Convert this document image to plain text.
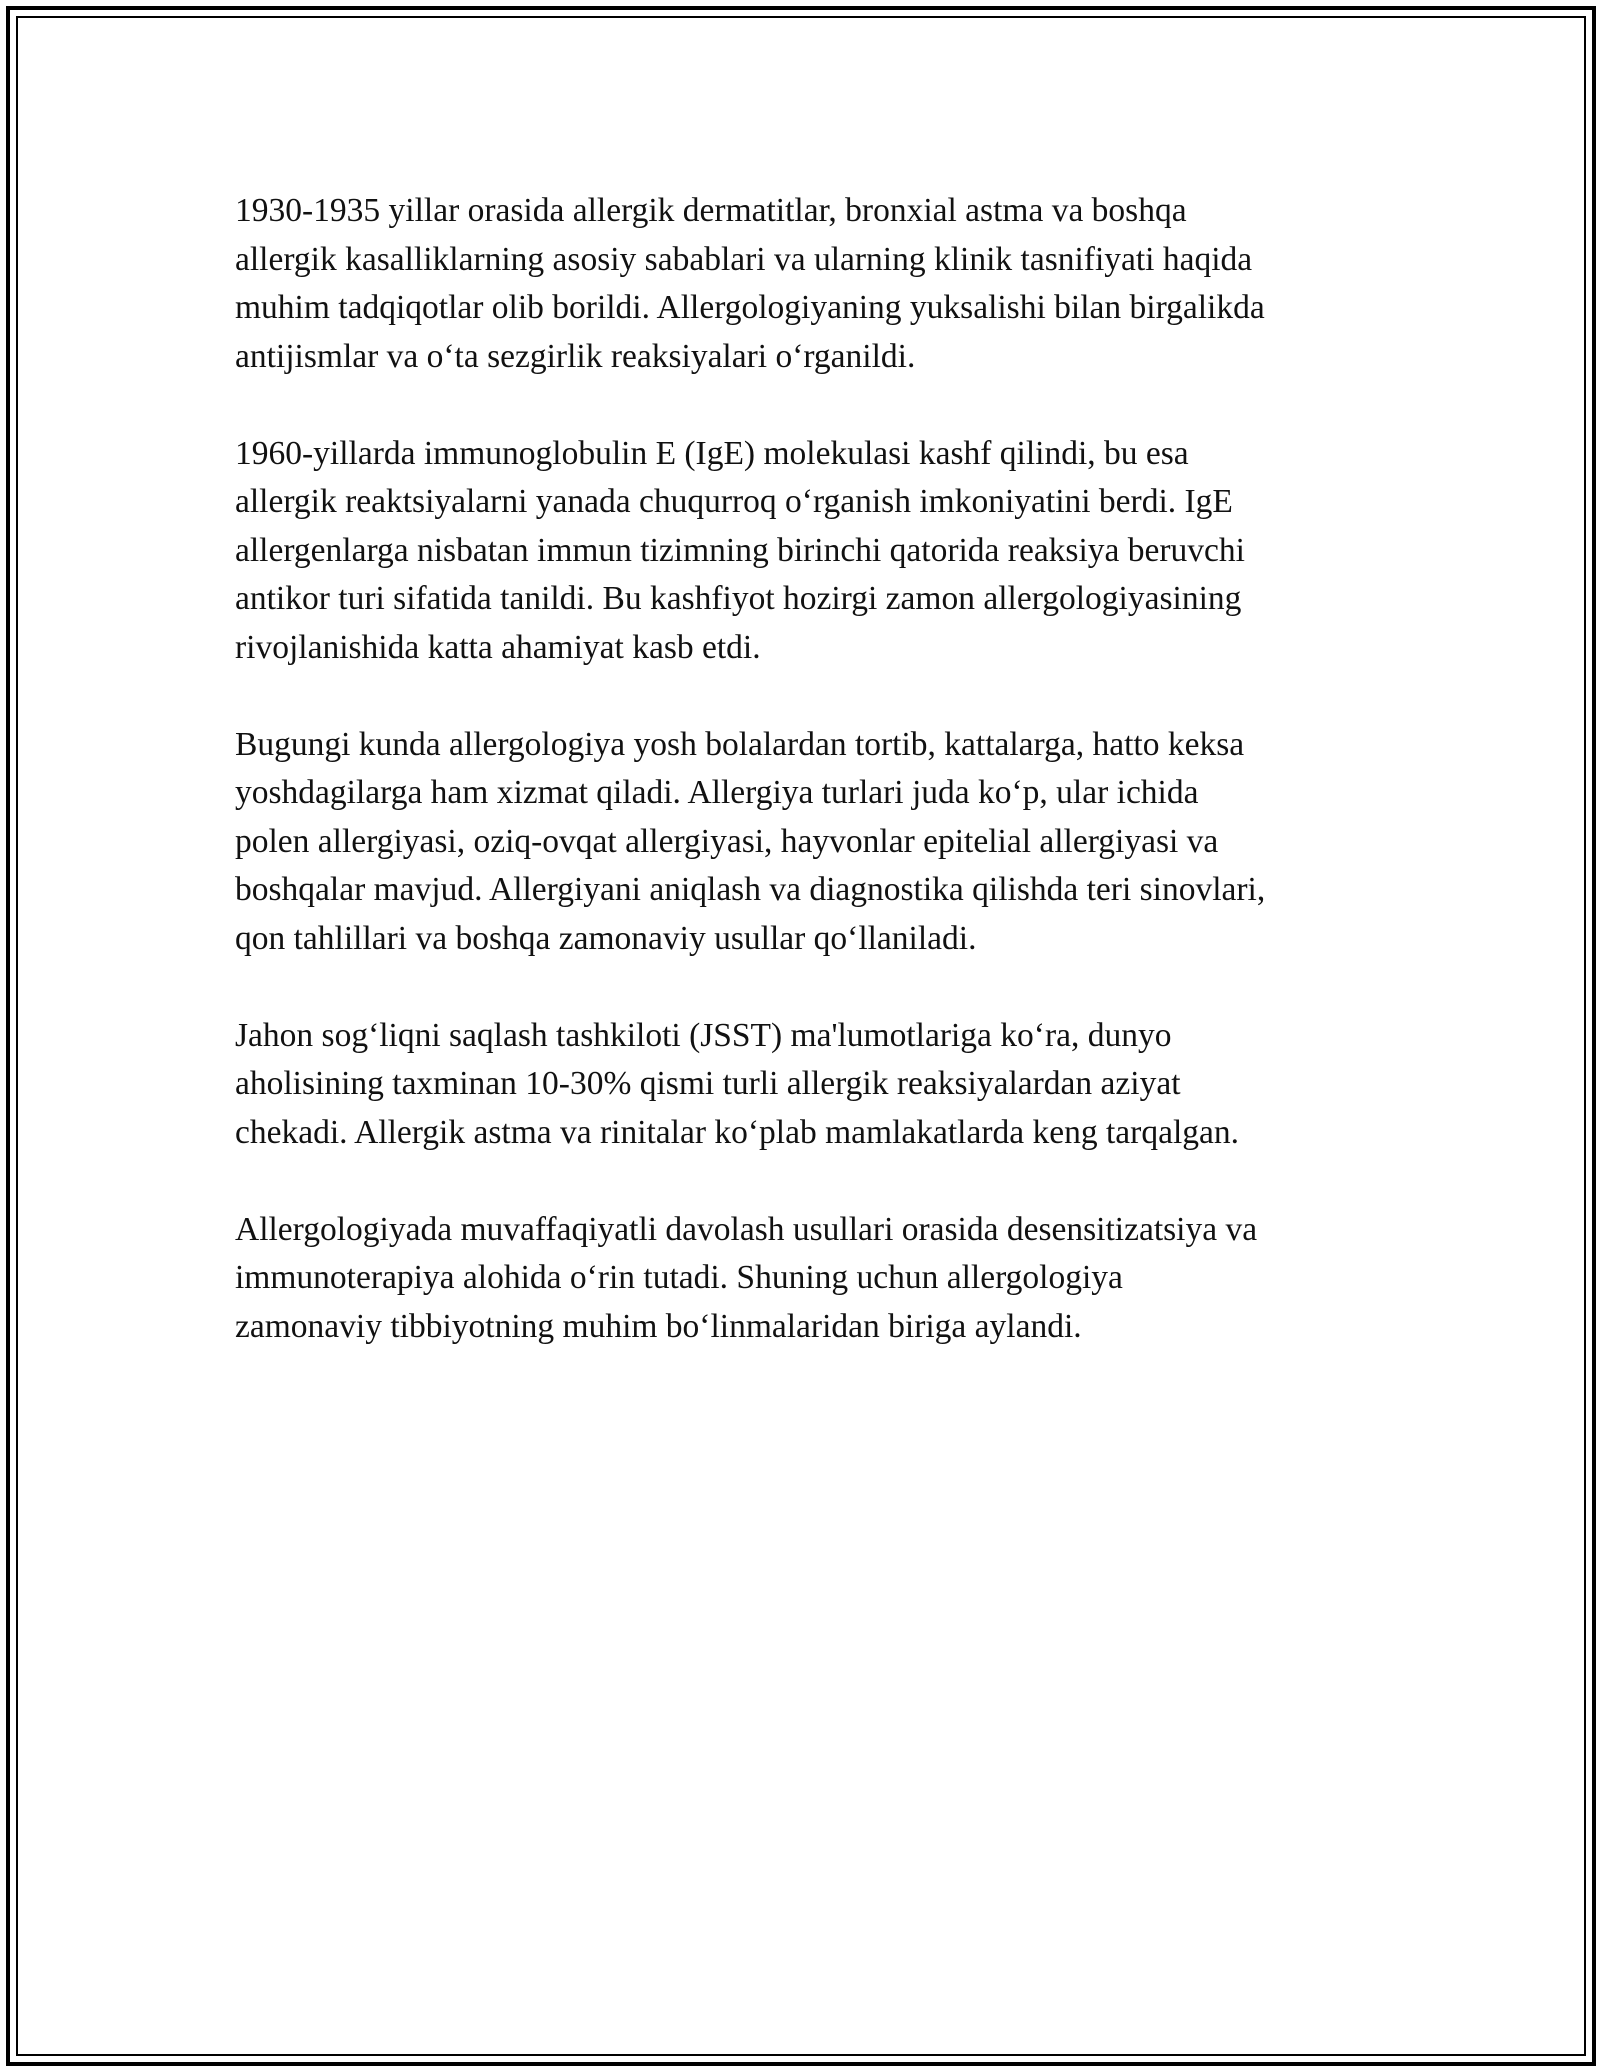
1930-1935 yillar orasida allergik dermatitlar, bronxial astma va boshqa
allergik kasalliklarning asosiy sabablari va ularning klinik tasnifiyati haqida
muhim tadqiqotlar olib borildi. Allergologiyaning yuksalishi bilan birgalikda
antijismlar va o‘ta sezgirlik reaksiyalari o‘rganildi.

1960-yillarda immunoglobulin E (IgE) molekulasi kashf qilindi, bu esa
allergik reaktsiyalarni yanada chuqurroq o‘rganish imkoniyatini berdi. IgE
allergenlarga nisbatan immun tizimning birinchi qatorida reaksiya beruvchi
antikor turi sifatida tanildi. Bu kashfiyot hozirgi zamon allergologiyasining
rivojlanishida katta ahamiyat kasb etdi.

Bugungi kunda allergologiya yosh bolalardan tortib, kattalarga, hatto keksa
yoshdagilarga ham xizmat qiladi. Allergiya turlari juda ko‘p, ular ichida
polen allergiyasi, oziq-ovqat allergiyasi, hayvonlar epitelial allergiyasi va
boshqalar mavjud. Allergiyani aniqlash va diagnostika qilishda teri sinovlari,
qon tahlillari va boshqa zamonaviy usullar qo‘llaniladi.

Jahon sog‘liqni saqlash tashkiloti (JSST) ma'lumotlariga ko‘ra, dunyo
aholisining taxminan 10-30% qismi turli allergik reaksiyalardan aziyat
chekadi. Allergik astma va rinitalar ko‘plab mamlakatlarda keng tarqalgan.

Allergologiyada muvaffaqiyatli davolash usullari orasida desensitizatsiya va
immunoterapiya alohida o‘rin tutadi. Shuning uchun allergologiya
zamonaviy tibbiyotning muhim bo‘linmalaridan biriga aylandi.
